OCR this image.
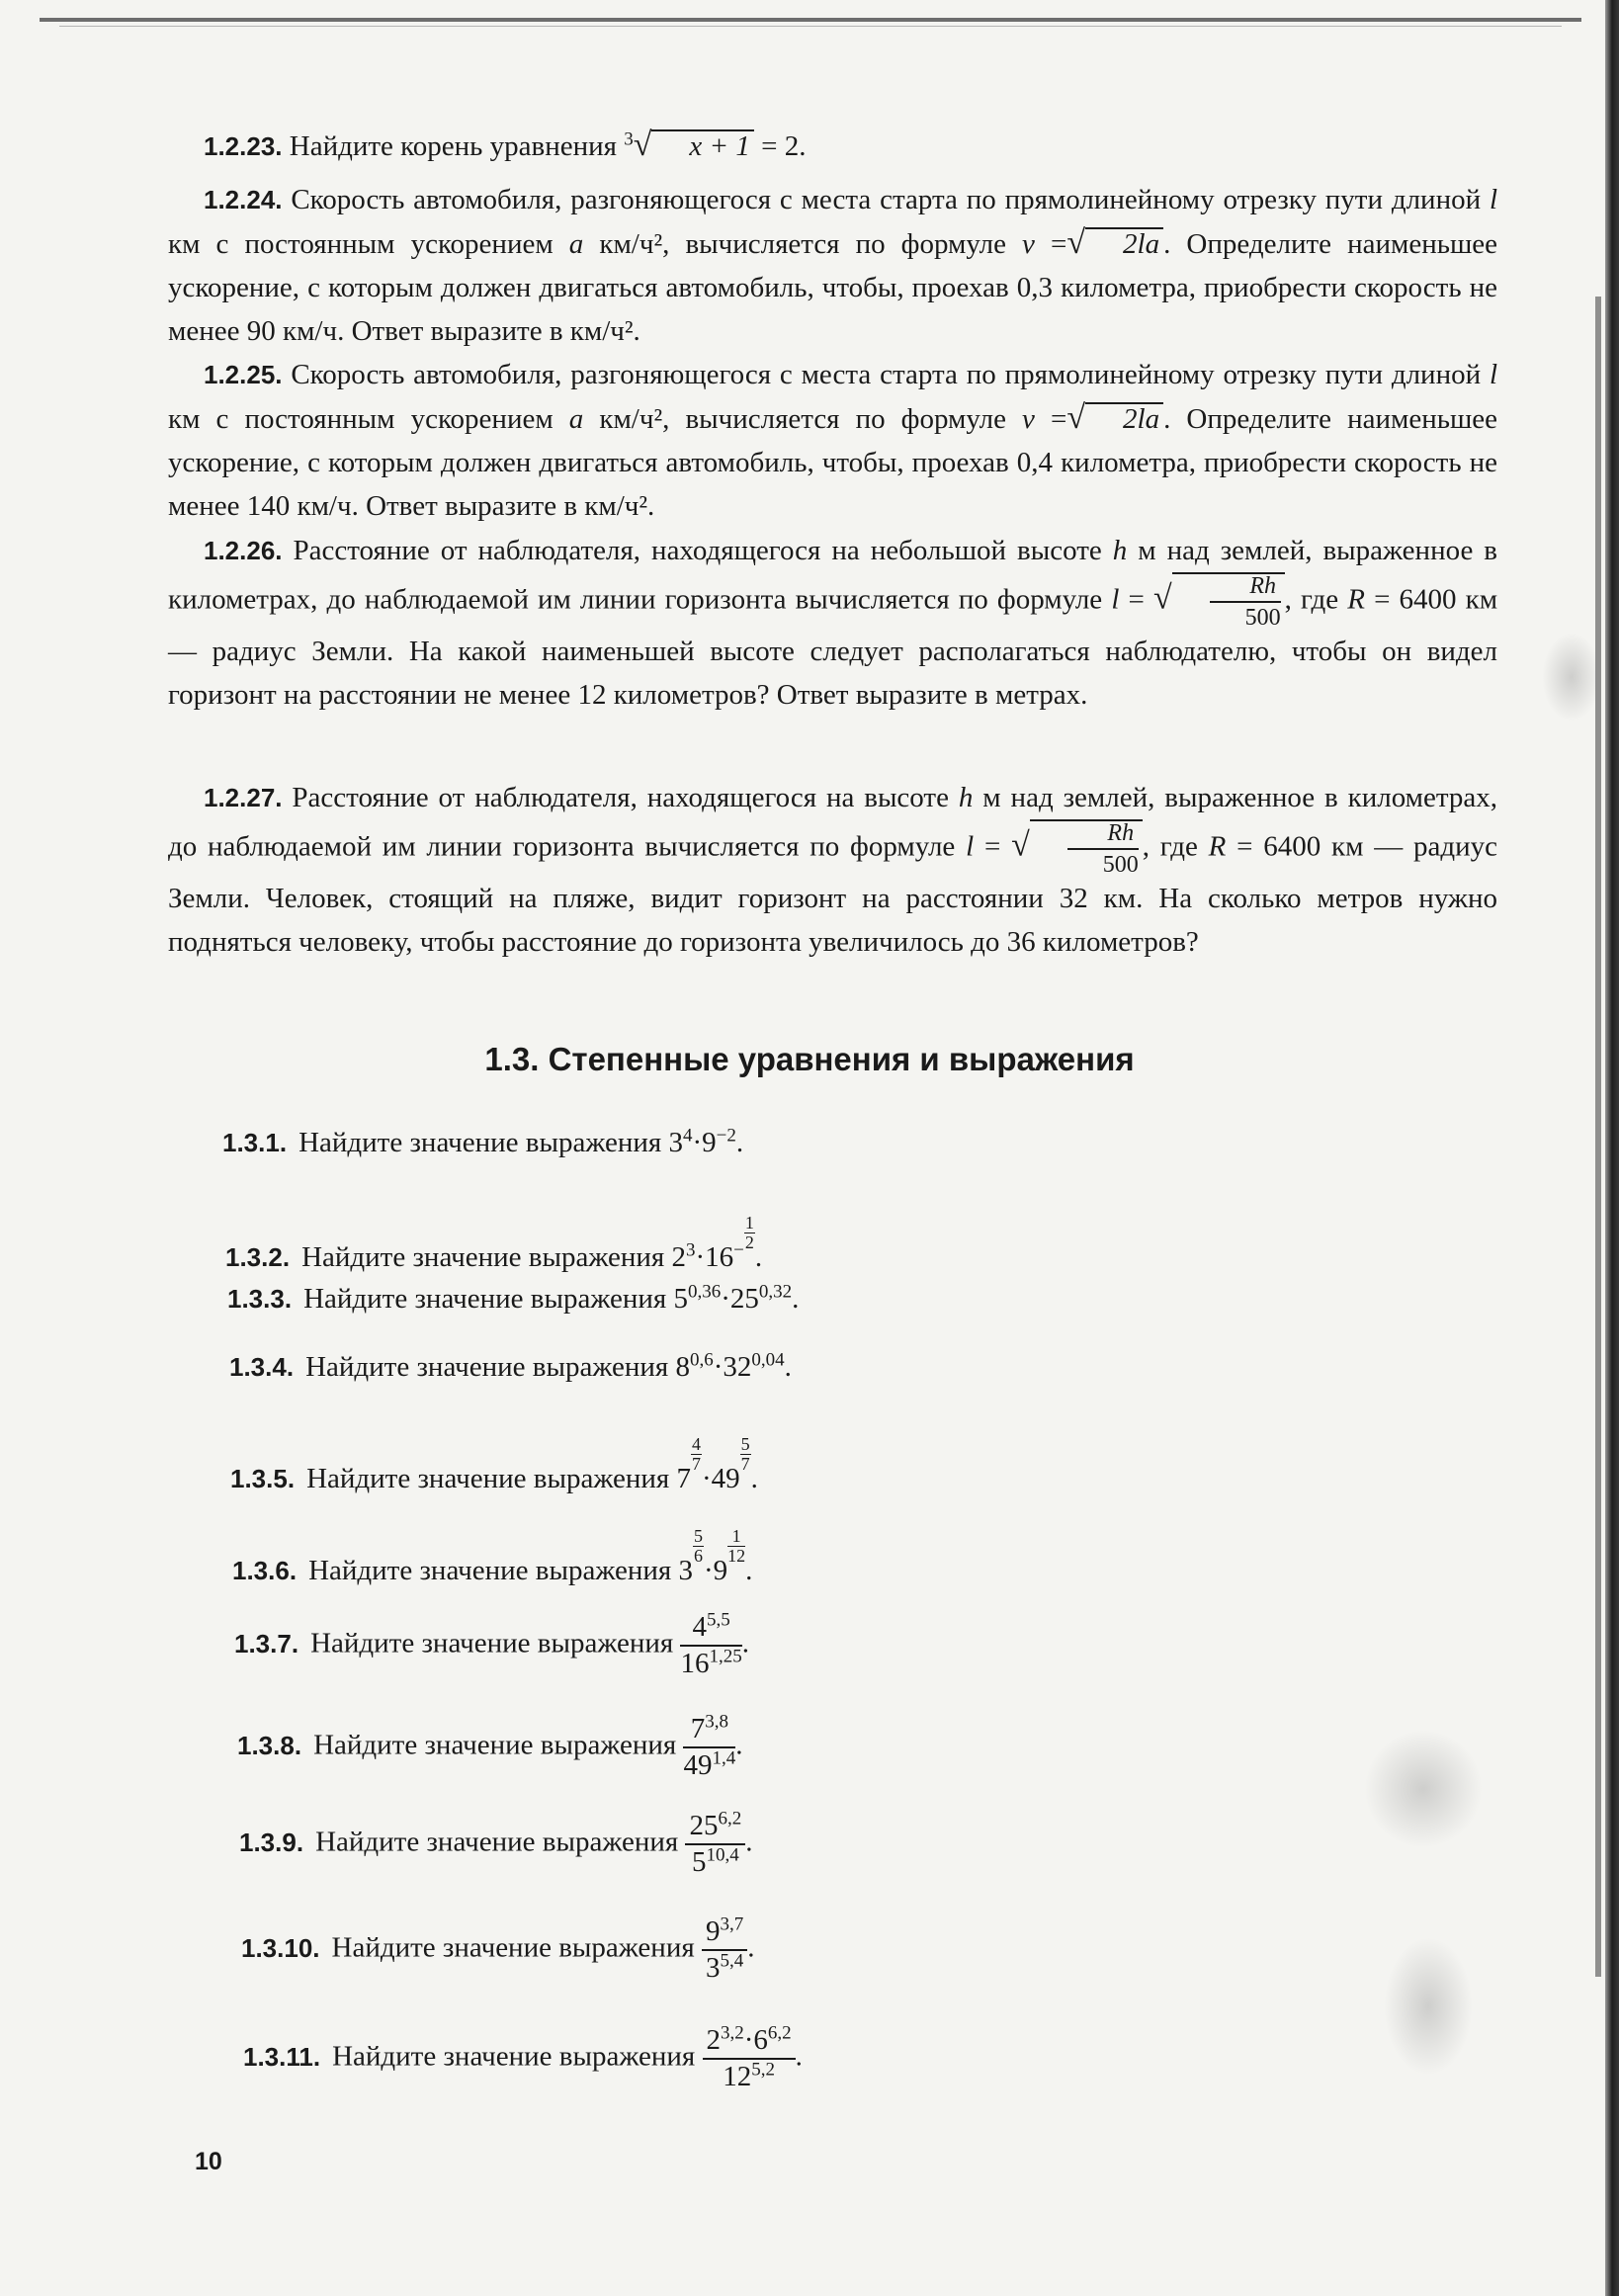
1.2.23. Найдите корень уравнения $^3$√ x + 1 = 2.

1.2.24. Скорость автомобиля, разгоняющегося с места старта по прямолинейному отрезку пути длиной l км с постоянным ускорением a км/ч², вычисляется по формуле v =√ 2la . Определите наименьшее ускорение, с которым должен двигаться автомобиль, чтобы, проехав 0,3 километра, приобрести скорость не менее 90 км/ч. Ответ выразите в км/ч².

1.2.25. Скорость автомобиля, разгоняющегося с места старта по прямолинейному отрезку пути длиной l км с постоянным ускорением a км/ч², вычисляется по формуле v =√ 2la . Определите наименьшее ускорение, с которым должен двигаться автомобиль, чтобы, проехав 0,4 километра, приобрести скорость не менее 140 км/ч. Ответ выразите в км/ч².

1.2.26. Расстояние от наблюдателя, находящегося на небольшой высоте h м над землей, выраженное в километрах, до наблюдаемой им линии горизонта вычисляется по формуле l = √ $\frac{Rh}{500}$ , где R = 6400 км — радиус Земли. На какой наименьшей высоте следует располагаться наблюдателю, чтобы он видел горизонт на расстоянии не менее 12 километров? Ответ выразите в метрах.

1.2.27. Расстояние от наблюдателя, находящегося на высоте h м над землей, выраженное в километрах, до наблюдаемой им линии горизонта вычисляется по формуле l = √ $\frac{Rh}{500}$ , где R = 6400 км — радиус Земли. Человек, стоящий на пляже, видит горизонт на расстоянии 32 км. На сколько метров нужно подняться человеку, чтобы расстояние до горизонта увеличилось до 36 километров?

1.3. Степенные уравнения и выражения
1.3.1. Найдите значение выражения $3^4\cdot 9^{-2}$.
1.3.2. Найдите значение выражения $2^3\cdot 16^-$ $^{\frac{1}{2}}$
.
1.3.3. Найдите значение выражения $5^{0,36}\cdot 25^{0,32}$.
1.3.4. Найдите значение выражения $8^{0,6}\cdot 32^{0,04}$.
1.3.5. Найдите значение выражения 7
$^{\frac{4}{7}}$
·49
$^{\frac{5}{7}}$
.
1.3.6. Найдите значение выражения 3
$^{\frac{5}{6}}$
·9
$^{\frac{1}{12}}$
.
1.3.7. Найдите значение выражения $\frac{4^{5,5}}{16^{1,25}}$ .
1.3.8. Найдите значение выражения $\frac{7^{3,8}}{49^{1,4}}$ .
1.3.9. Найдите значение выражения $\frac{25^{6,2}}{5^{10,4}}$ .
1.3.10. Найдите значение выражения $\frac{9^{3,7}}{3^{5,4}}$ .
1.3.11. Найдите значение выражения $\frac{2^{3,2}\cdot 6^{6,2}}{12^{5,2}}$ .
10
